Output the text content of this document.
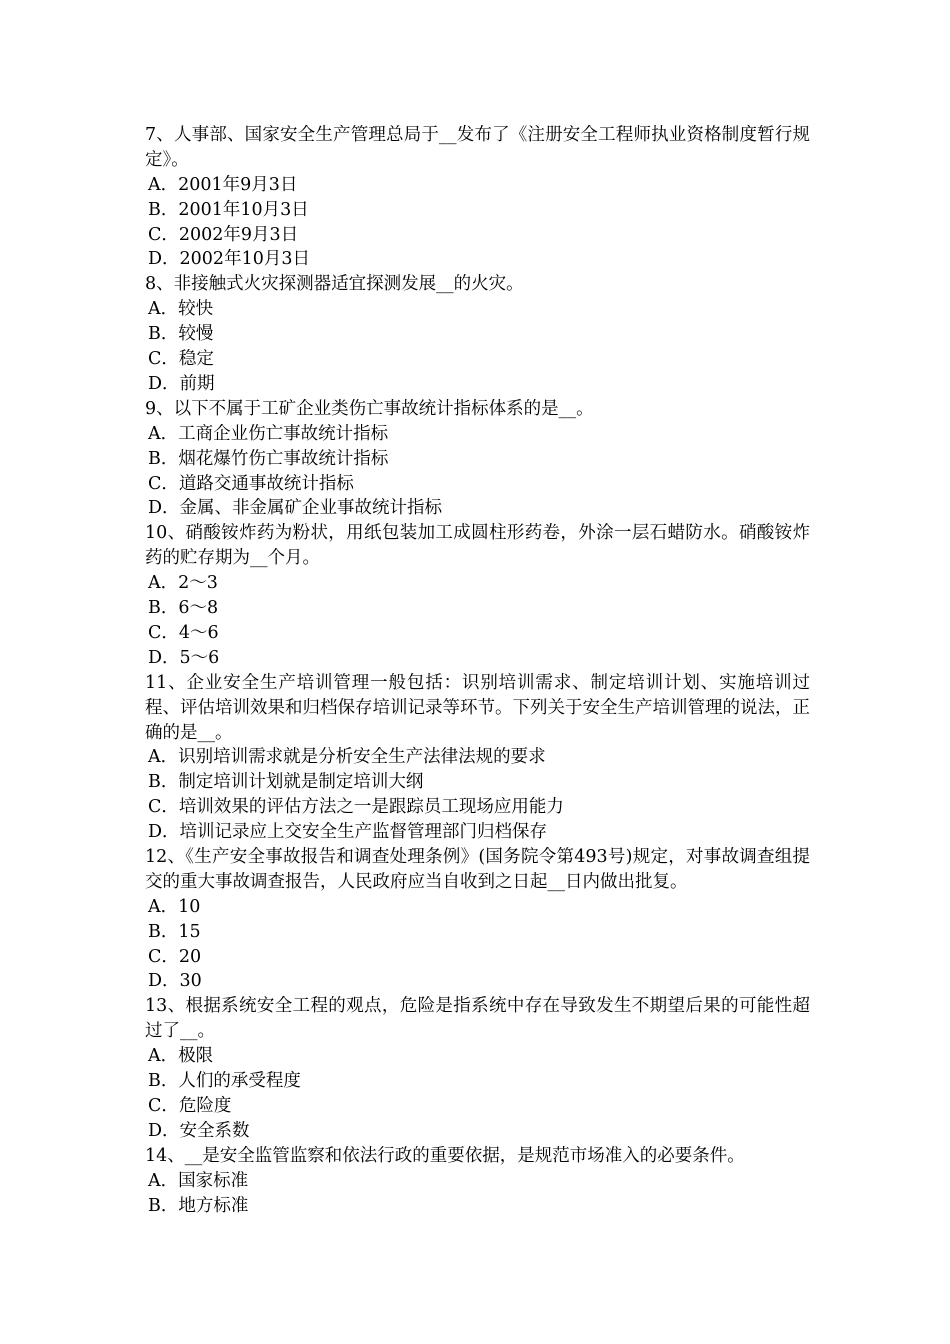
7、人事部、国家安全生产管理总局于__发布了《注册安全工程师执业资格制度暂行规定》。
A．2001年9月3日
B．2001年10月3日
C．2002年9月3日
D．2002年10月3日
8、非接触式火灾探测器适宜探测发展__的火灾。
A．较快
B．较慢
C．稳定
D．前期
9、以下不属于工矿企业类伤亡事故统计指标体系的是__。
A．工商企业伤亡事故统计指标
B．烟花爆竹伤亡事故统计指标
C．道路交通事故统计指标
D．金属、非金属矿企业事故统计指标
10、硝酸铵炸药为粉状，用纸包装加工成圆柱形药卷，外涂一层石蜡防水。硝酸铵炸药的贮存期为__个月。
A．2～3
B．6～8
C．4～6
D．5～6
11、企业安全生产培训管理一般包括：识别培训需求、制定培训计划、实施培训过程、评估培训效果和归档保存培训记录等环节。下列关于安全生产培训管理的说法，正确的是__。
A．识别培训需求就是分析安全生产法律法规的要求
B．制定培训计划就是制定培训大纲
C．培训效果的评估方法之一是跟踪员工现场应用能力
D．培训记录应上交安全生产监督管理部门归档保存
12、《生产安全事故报告和调查处理条例》(国务院令第493号)规定，对事故调查组提交的重大事故调查报告，人民政府应当自收到之日起__日内做出批复。
A．10
B．15
C．20
D．30
13、根据系统安全工程的观点，危险是指系统中存在导致发生不期望后果的可能性超过了__。
A．极限
B．人们的承受程度
C．危险度
D．安全系数
14、__是安全监管监察和依法行政的重要依据，是规范市场准入的必要条件。
A．国家标准
B．地方标准
